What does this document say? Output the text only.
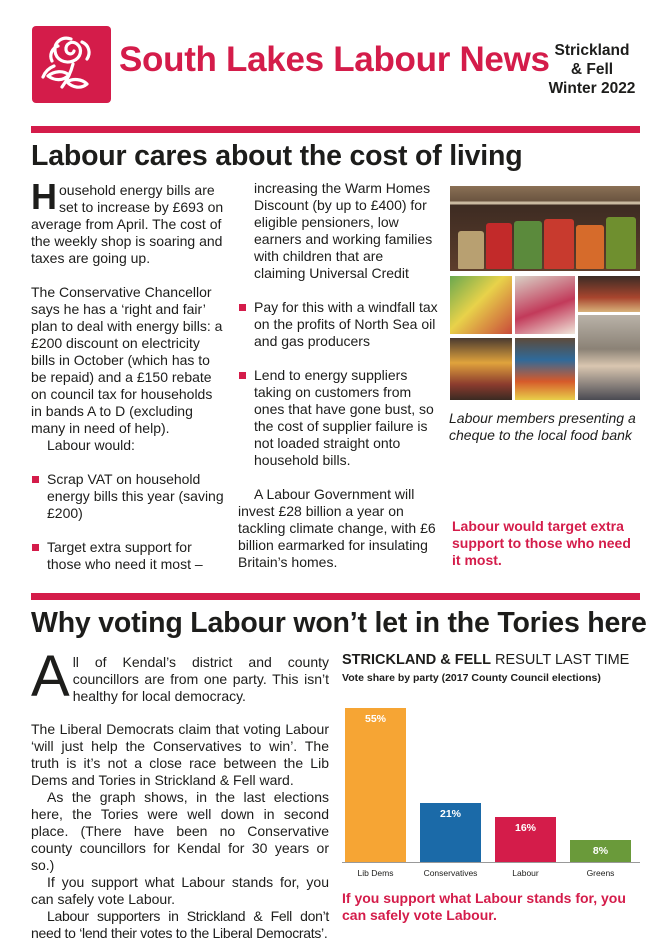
South Lakes Labour News Strickland
& Fell
Winter 2022
Labour cares about the cost of living

Household energy bills are set to increase by £693 on average from April. The cost of the weekly shop is soaring and taxes are going up.

The Conservative Chancellor says he has a ‘right and fair’ plan to deal with energy bills: a £200 discount on electricity bills in October (which has to be repaid) and a £150 rebate on council tax for households in bands A to D (excluding many in need of help).

Labour would:

Scrap VAT on household energy bills this year (saving £200)

Target extra support for those who need it most –

increasing the Warm Homes Discount (by up to £400) for eligible pensioners, low earners and working families with children that are claiming Universal Credit

Pay for this with a windfall tax on the profits of North Sea oil and gas producers

Lend to energy suppliers taking on customers from ones that have gone bust, so the cost of supplier failure is not loaded straight onto household bills.

A Labour Government will invest £28 billion a year on tackling climate change, with £6 billion earmarked for insulating Britain’s homes.

Labour members presenting a cheque to the local food bank
Labour would target extra support to those who need it most.
Why voting Labour won’t let in the Tories here

All of Kendal’s district and county councillors are from one party. This isn’t healthy for local democracy.

The Liberal Democrats claim that voting Labour ‘will just help the Conservatives to win’. The truth is it’s not a close race between the Lib Dems and Tories in Strickland & Fell ward.

As the graph shows, in the last elections here, the Tories were well down in second place. (There have been no Conservative county councillors for Kendal for 30 years or so.)

If you support what Labour stands for, you can safely vote Labour.

Labour supporters in Strickland & Fell don’t need to ‘lend their votes to the Liberal Democrats’.

STRICKLAND & FELL RESULT LAST TIME
Vote share by party (2017 County Council elections)
55%
Lib Dems
21%
Conservatives
16%
Labour
8%
Greens
If you support what Labour stands for, you can safely vote Labour.
